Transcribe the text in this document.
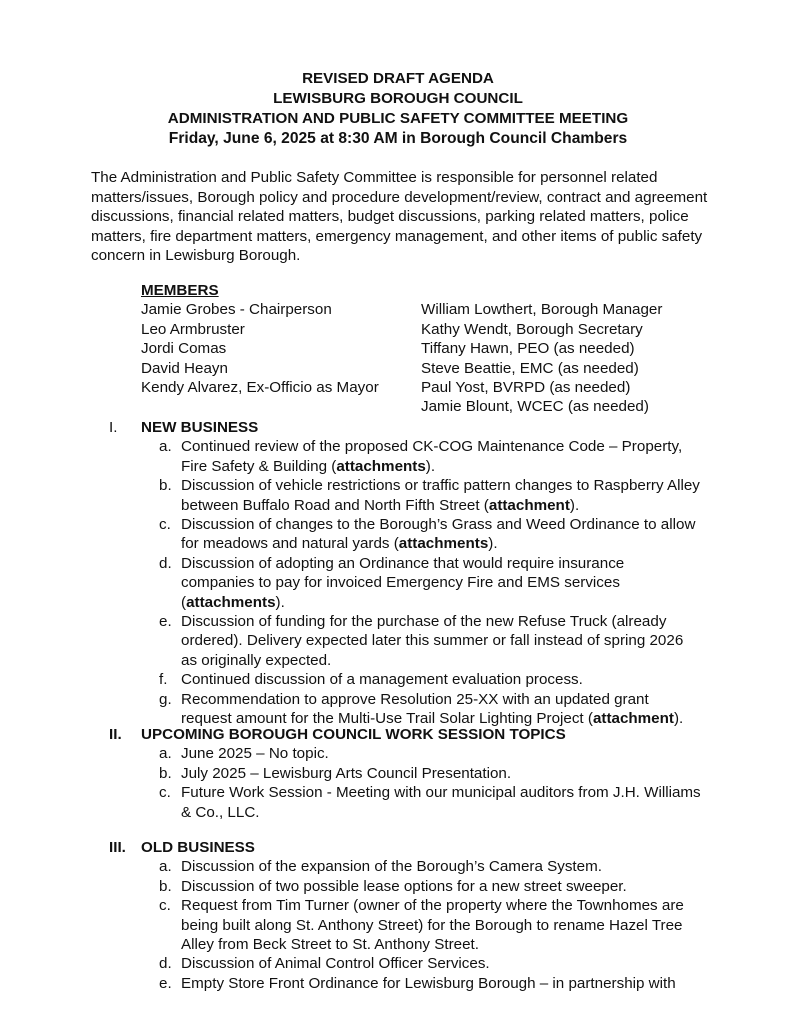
REVISED DRAFT AGENDA
LEWISBURG BOROUGH COUNCIL
ADMINISTRATION AND PUBLIC SAFETY COMMITTEE MEETING
Friday, June 6, 2025 at 8:30 AM in Borough Council Chambers
The Administration and Public Safety Committee is responsible for personnel related matters/issues, Borough policy and procedure development/review, contract and agreement discussions, financial related matters, budget discussions, parking related matters, police matters, fire department matters, emergency management, and other items of public safety concern in Lewisburg Borough.
MEMBERS
Jamie Grobes - Chairperson
Leo Armbruster
Jordi Comas
David Heayn
Kendy Alvarez, Ex-Officio as Mayor
William Lowthert, Borough Manager
Kathy Wendt, Borough Secretary
Tiffany Hawn, PEO (as needed)
Steve Beattie, EMC (as needed)
Paul Yost, BVRPD (as needed)
Jamie Blount, WCEC (as needed)
I.	NEW BUSINESS
a. Continued review of the proposed CK-COG Maintenance Code – Property,
Fire Safety & Building (attachments).
b. Discussion of vehicle restrictions or traffic pattern changes to Raspberry Alley
between Buffalo Road and North Fifth Street (attachment).
c. Discussion of changes to the Borough’s Grass and Weed Ordinance to allow
for meadows and natural yards (attachments).
d. Discussion of adopting an Ordinance that would require insurance
companies to pay for invoiced Emergency Fire and EMS services
(attachments).
e. Discussion of funding for the purchase of the new Refuse Truck (already
ordered). Delivery expected later this summer or fall instead of spring 2026
as originally expected.
f. Continued discussion of a management evaluation process.
g. Recommendation to approve Resolution 25-XX with an updated grant
request amount for the Multi-Use Trail Solar Lighting Project (attachment).
II.	UPCOMING BOROUGH COUNCIL WORK SESSION TOPICS
a. June 2025 – No topic.
b. July 2025 – Lewisburg Arts Council Presentation.
c. Future Work Session - Meeting with our municipal auditors from J.H. Williams
& Co., LLC.
III. OLD BUSINESS
a. Discussion of the expansion of the Borough’s Camera System.
b. Discussion of two possible lease options for a new street sweeper.
c. Request from Tim Turner (owner of the property where the Townhomes are
being built along St. Anthony Street) for the Borough to rename Hazel Tree
Alley from Beck Street to St. Anthony Street.
d. Discussion of Animal Control Officer Services.
e. Empty Store Front Ordinance for Lewisburg Borough – in partnership with
